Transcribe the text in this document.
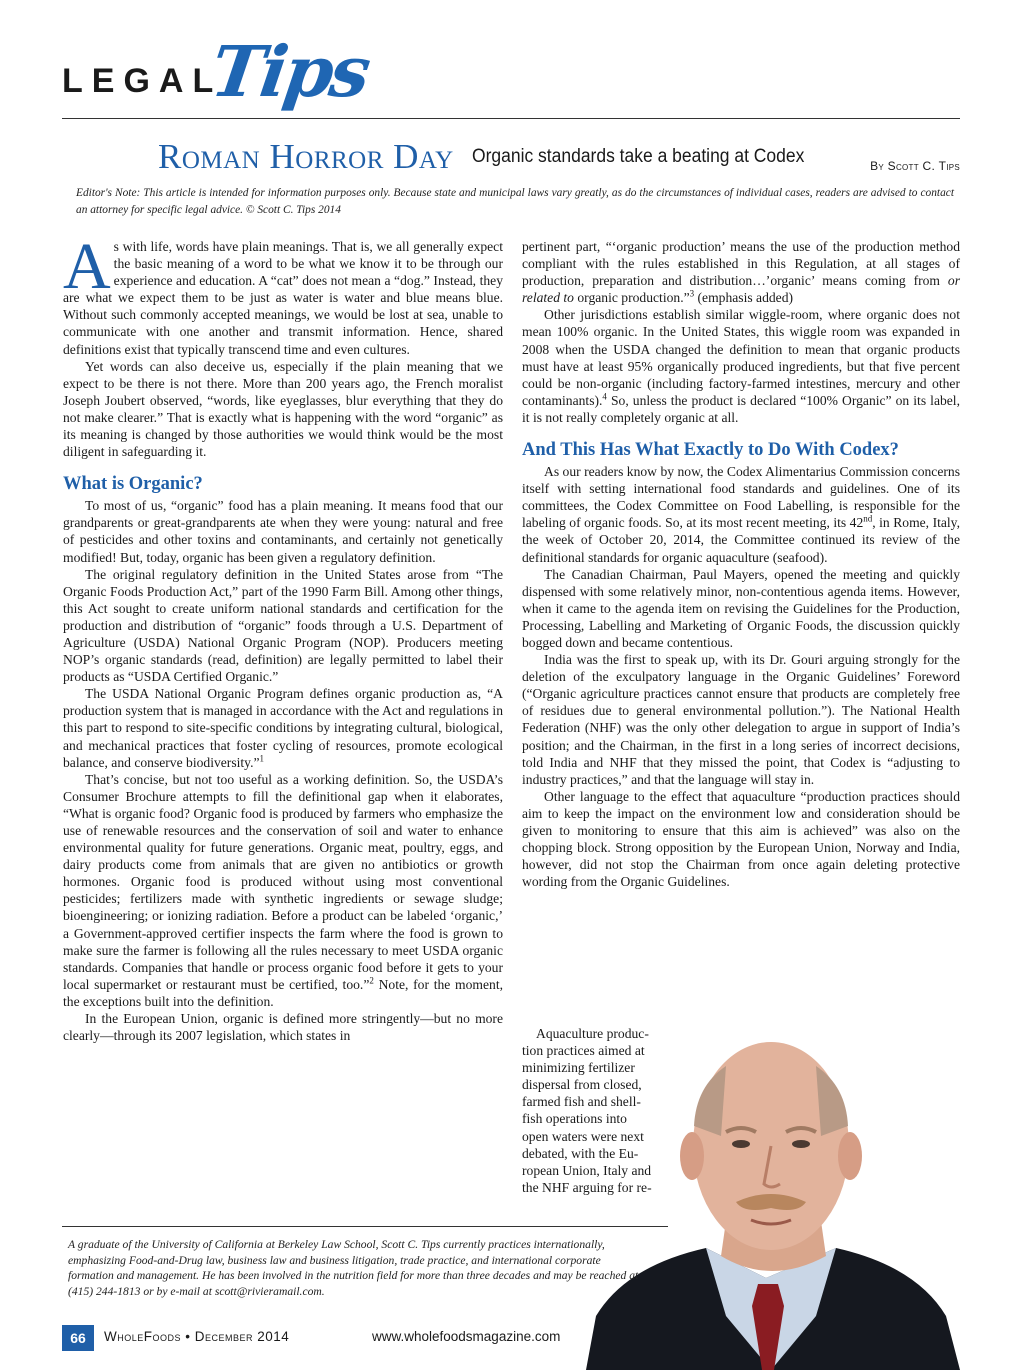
LEGAL
Tips
Roman Horror Day Organic standards take a beating at Codex	By Scott C. Tips
Editor's Note: This article is intended for information purposes only. Because state and municipal laws vary greatly, as do the circumstances of individual cases, readers are advised to contact an attorney for specific legal advice. © Scott C. Tips 2014

As with life, words have plain meanings. That is, we all generally expect the basic meaning of a word to be what we know it to be through our experience and education. A “cat” does not mean a “dog.” Instead, they are what we expect them to be just as water is water and blue means blue. Without such commonly accepted meanings, we would be lost at sea, unable to communicate with one another and transmit information. Hence, shared definitions exist that typically transcend time and even cultures.

Yet words can also deceive us, especially if the plain meaning that we expect to be there is not there. More than 200 years ago, the French moralist Joseph Joubert observed, “words, like eyeglasses, blur everything that they do not make clearer.” That is exactly what is happening with the word “organic” as its meaning is changed by those authorities we would think would be the most diligent in safeguarding it.

What is Organic?

To most of us, “organic” food has a plain meaning. It means food that our grandparents or great-grandparents ate when they were young: natural and free of pesticides and other toxins and contaminants, and certainly not genetically modified! But, today, organic has been given a regulatory definition.

The original regulatory definition in the United States arose from “The Organic Foods Production Act,” part of the 1990 Farm Bill. Among other things, this Act sought to create uniform national standards and certification for the production and distribution of “organic” foods through a U.S. Department of Agriculture (USDA) National Organic Program (NOP). Producers meeting NOP’s organic standards (read, definition) are legally permitted to label their products as “USDA Certified Organic.”

The USDA National Organic Program defines organic production as, “A production system that is managed in accordance with the Act and regulations in this part to respond to site-specific conditions by integrating cultural, biological, and mechanical practices that foster cycling of resources, promote ecological balance, and conserve biodiversity.”$^1$

That’s concise, but not too useful as a working definition. So, the USDA’s Consumer Brochure attempts to fill the definitional gap when it elaborates, “What is organic food? Organic food is produced by farmers who emphasize the use of renewable resources and the conservation of soil and water to enhance environmental quality for future generations. Organic meat, poultry, eggs, and dairy products come from animals that are given no antibiotics or growth hormones. Organic food is produced without using most conventional pesticides; fertilizers made with synthetic ingredients or sewage sludge; bioengineering; or ionizing radiation. Before a product can be labeled ‘organic,’ a Government-approved certifier inspects the farm where the food is grown to make sure the farmer is following all the rules necessary to meet USDA organic standards. Companies that handle or process organic food before it gets to your local supermarket or restaurant must be certified, too.”$^2$ Note, for the moment, the exceptions built into the definition.

In the European Union, organic is defined more stringently—but no more clearly—through its 2007 legislation, which states in

pertinent part, “‘organic production’ means the use of the production method compliant with the rules established in this Regulation, at all stages of production, preparation and distribution…’organic’ means coming from or related to organic production.”$^3$ (emphasis added)

Other jurisdictions establish similar wiggle-room, where organic does not mean 100% organic. In the United States, this wiggle room was expanded in 2008 when the USDA changed the definition to mean that organic products must have at least 95% organically produced ingredients, but that five percent could be non-organic (including factory-farmed intestines, mercury and other contaminants).$^4$ So, unless the product is declared “100% Organic” on its label, it is not really completely organic at all.

And This Has What Exactly to Do With Codex?

As our readers know by now, the Codex Alimentarius Commission concerns itself with setting international food standards and guidelines. One of its committees, the Codex Committee on Food Labelling, is responsible for the labeling of organic foods. So, at its most recent meeting, its 42nd, in Rome, Italy, the week of October 20, 2014, the Committee continued its review of the definitional standards for organic aquaculture (seafood).

The Canadian Chairman, Paul Mayers, opened the meeting and quickly dispensed with some relatively minor, non-contentious agenda items. However, when it came to the agenda item on revising the Guidelines for the Production, Processing, Labelling and Marketing of Organic Foods, the discussion quickly bogged down and became contentious.

India was the first to speak up, with its Dr. Gouri arguing strongly for the deletion of the exculpatory language in the Organic Guidelines’ Foreword (“Organic agriculture practices cannot ensure that products are completely free of residues due to general environmental pollution.”). The National Health Federation (NHF) was the only other delegation to argue in support of India’s position; and the Chairman, in the first in a long series of incorrect decisions, told India and NHF that they missed the point, that Codex is “adjusting to industry practices,” and that the language will stay in.

Other language to the effect that aquaculture “production practices should aim to keep the impact on the environment low and consideration should be given to monitoring to ensure that this aim is achieved” was also on the chopping block. Strong opposition by the European Union, Norway and India, however, did not stop the Chairman from once again deleting protective wording from the Organic Guidelines.

Aquaculture produc-

tion practices aimed at

minimizing fertilizer

dispersal from closed,

farmed fish and shell-

fish operations into

open waters were next

debated, with the Eu-

ropean Union, Italy and

the NHF arguing for re-

A graduate of the University of California at Berkeley Law School, Scott C. Tips currently practices internationally, emphasizing Food-and-Drug law, business law and business litigation, trade practice, and international corporate formation and management. He has been involved in the nutrition field for more than three decades and may be reached at (415) 244-1813 or by e-mail at scott@rivieramail.com.
66	WholeFoods • December 2014	www.wholefoodsmagazine.com
